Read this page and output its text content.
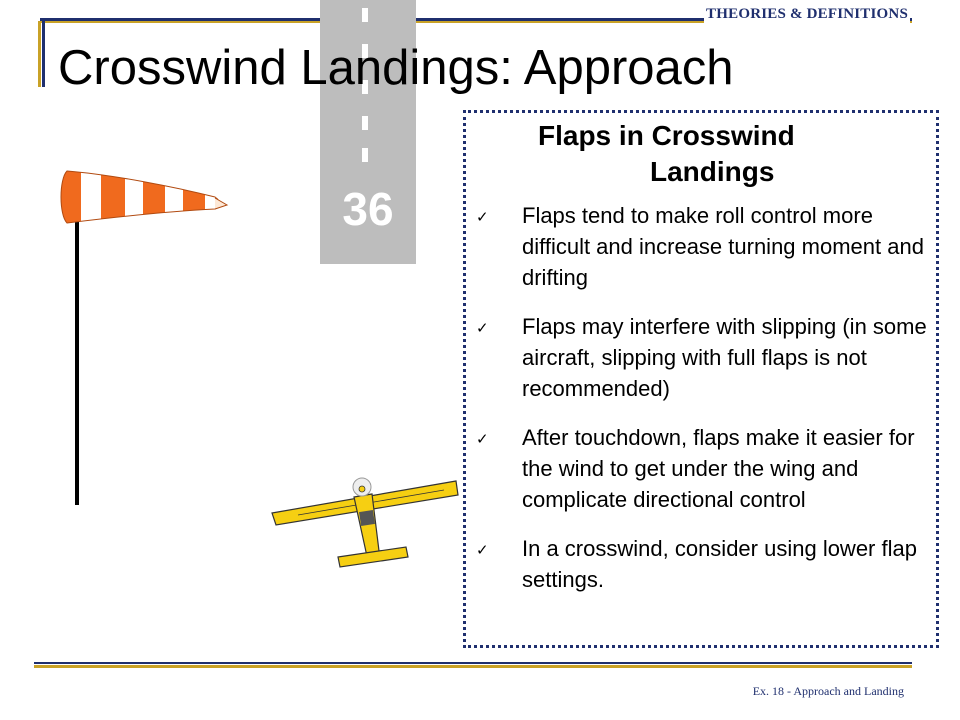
36
THEORIES & DEFINITIONS
Crosswind Landings: Approach
Flaps in Crosswind
Landings
✓ Flaps tend to make roll control more difficult and increase turning moment and drifting
✓ Flaps may interfere with slipping (in some aircraft, slipping with full flaps is not recommended)
✓ After touchdown, flaps make it easier for the wind to get under the wing and complicate directional control
✓ In a crosswind, consider using lower flap settings.
Ex. 18 - Approach and Landing
